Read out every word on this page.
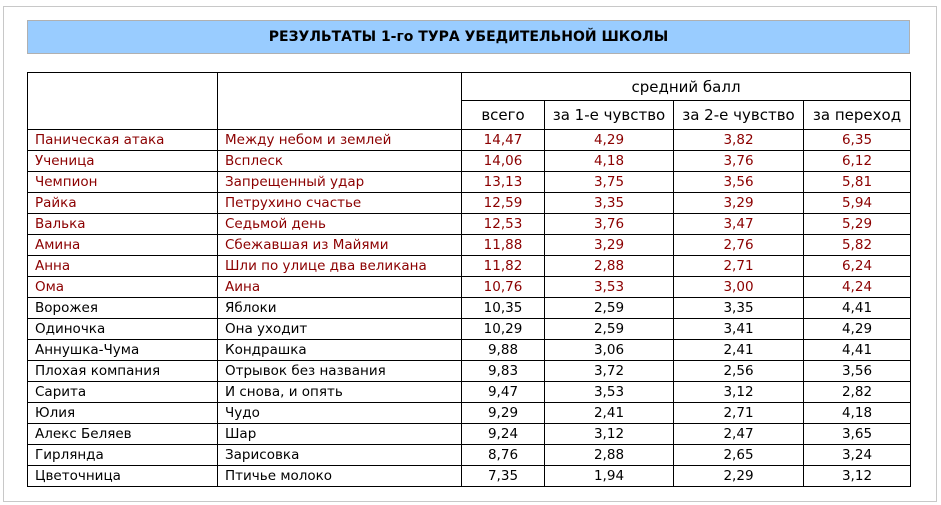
РЕЗУЛЬТАТЫ 1-го ТУРА УБЕДИТЕЛЬНОЙ ШКОЛЫ
		средний балл			
		всего	за 1-е чувство	за 2-е чувство	за переход
Паническая атака	Между небом и землей	14,47	4,29	3,82	6,35
Ученица	Всплеск	14,06	4,18	3,76	6,12
Чемпион	Запрещенный удар	13,13	3,75	3,56	5,81
Райка	Петрухино счастье	12,59	3,35	3,29	5,94
Валька	Седьмой день	12,53	3,76	3,47	5,29
Амина	Сбежавшая из Майями	11,88	3,29	2,76	5,82
Анна	Шли по улице два великана	11,82	2,88	2,71	6,24
Ома	Аина	10,76	3,53	3,00	4,24
Ворожея	Яблоки	10,35	2,59	3,35	4,41
Одиночка	Она уходит	10,29	2,59	3,41	4,29
Аннушка-Чума	Кондрашка	9,88	3,06	2,41	4,41
Плохая компания	Отрывок без названия	9,83	3,72	2,56	3,56
Сарита	И снова, и опять	9,47	3,53	3,12	2,82
Юлия	Чудо	9,29	2,41	2,71	4,18
Алекс Беляев	Шар	9,24	3,12	2,47	3,65
Гирлянда	Зарисовка	8,76	2,88	2,65	3,24
Цветочница	Птичье молоко	7,35	1,94	2,29	3,12
